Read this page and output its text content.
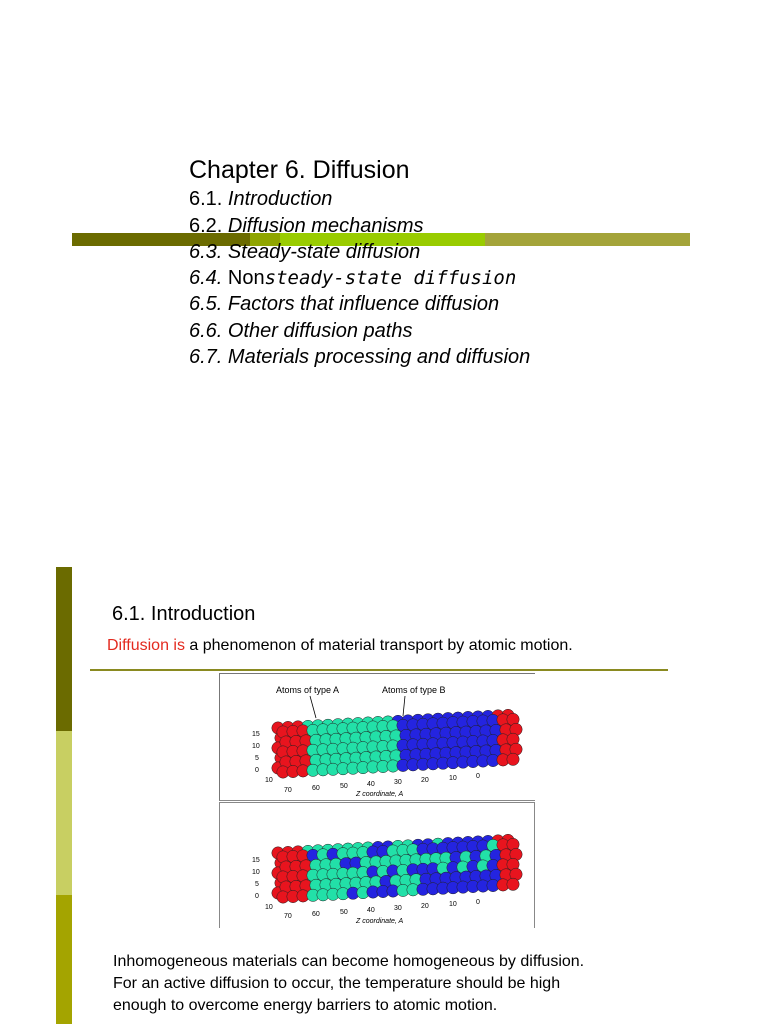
Chapter 6. Diffusion
6.1. Introduction
6.2. Diffusion mechanisms
6.3. Steady-state diffusion
6.4. Nonsteady-state diffusion
6.5. Factors that influence diffusion
6.6. Other diffusion paths
6.7. Materials processing and diffusion
6.1. Introduction
Diffusion is a phenomenon of material transport by atomic motion.
Atoms of type A	Atoms of type B
15
10
5
0
10
70	60	50	40	30	20	10	0
Z coordinate, A
15
10
5
0
10
70	60	50	40	30	20	10	0
Z coordinate, A
Inhomogeneous materials can become homogeneous by diffusion.
For an active diffusion to occur, the temperature should be high
enough to overcome energy barriers to atomic motion.
